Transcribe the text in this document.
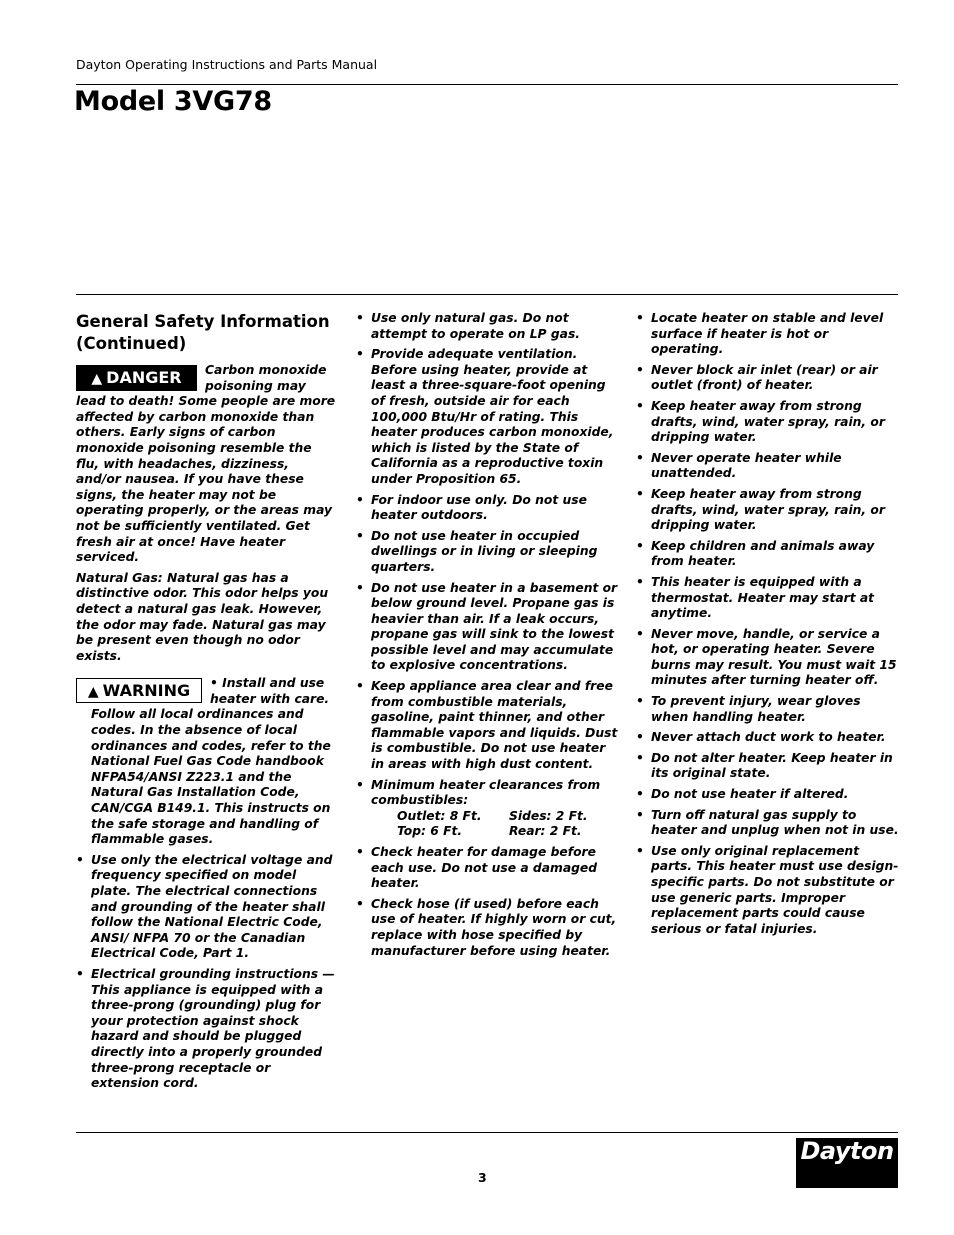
Dayton Operating Instructions and Parts Manual
Model 3VG78
General Safety Information (Continued)
▲ DANGER	Carbon monoxide poisoning may lead to death! Some people are more affected by carbon monoxide than others. Early signs of carbon monoxide poisoning resemble the flu, with headaches, dizziness, and/or nausea. If you have these signs, the heater may not be operating properly, or the areas may not be sufficiently ventilated. Get fresh air at once! Have heater serviced.
Natural Gas: Natural gas has a distinctive odor. This odor helps you detect a natural gas leak. However, the odor may fade. Natural gas may be present even though no odor exists.
▲ WARNING	• Install and use heater with care.
Follow all local ordinances and codes. In the absence of local ordinances and codes, refer to the National Fuel Gas Code handbook NFPA54/ANSI Z223.1 and the Natural Gas Installation Code, CAN/CGA B149.1. This instructs on the safe storage and handling of flammable gases.
• Use only the electrical voltage and frequency specified on model plate. The electrical connections and grounding of the heater shall follow the National Electric Code, ANSI/ NFPA 70 or the Canadian Electrical Code, Part 1.
• Electrical grounding instructions — This appliance is equipped with a three-prong (grounding) plug for your protection against shock hazard and should be plugged directly into a properly grounded three-prong receptacle or extension cord.
• Use only natural gas. Do not attempt to operate on LP gas.
• Provide adequate ventilation. Before using heater, provide at least a three-square-foot opening of fresh, outside air for each 100,000 Btu/Hr of rating. This heater produces carbon monoxide, which is listed by the State of California as a reproductive toxin under Proposition 65.
• For indoor use only. Do not use heater outdoors.
• Do not use heater in occupied dwellings or in living or sleeping quarters.
• Do not use heater in a basement or below ground level. Propane gas is heavier than air. If a leak occurs, propane gas will sink to the lowest possible level and may accumulate to explosive concentrations.
• Keep appliance area clear and free from combustible materials, gasoline, paint thinner, and other flammable vapors and liquids. Dust is combustible. Do not use heater in areas with high dust content.
• Minimum heater clearances from combustibles:
Outlet: 8 Ft.	Sides: 2 Ft.
Top: 6 Ft.	Rear: 2 Ft.
• Check heater for damage before each use. Do not use a damaged heater.
• Check hose (if used) before each use of heater. If highly worn or cut, replace with hose specified by manufacturer before using heater.
• Locate heater on stable and level surface if heater is hot or operating.
• Never block air inlet (rear) or air outlet (front) of heater.
• Keep heater away from strong drafts, wind, water spray, rain, or dripping water.
• Never operate heater while unattended.
• Keep heater away from strong drafts, wind, water spray, rain, or dripping water.
• Keep children and animals away from heater.
• This heater is equipped with a thermostat. Heater may start at anytime.
• Never move, handle, or service a hot, or operating heater. Severe burns may result. You must wait 15 minutes after turning heater off.
• To prevent injury, wear gloves when handling heater.
• Never attach duct work to heater.
• Do not alter heater. Keep heater in its original state.
• Do not use heater if altered.
• Turn off natural gas supply to heater and unplug when not in use.
• Use only original replacement parts. This heater must use design-specific parts. Do not substitute or use generic parts. Improper replacement parts could cause serious or fatal injuries.
3
Dayton
